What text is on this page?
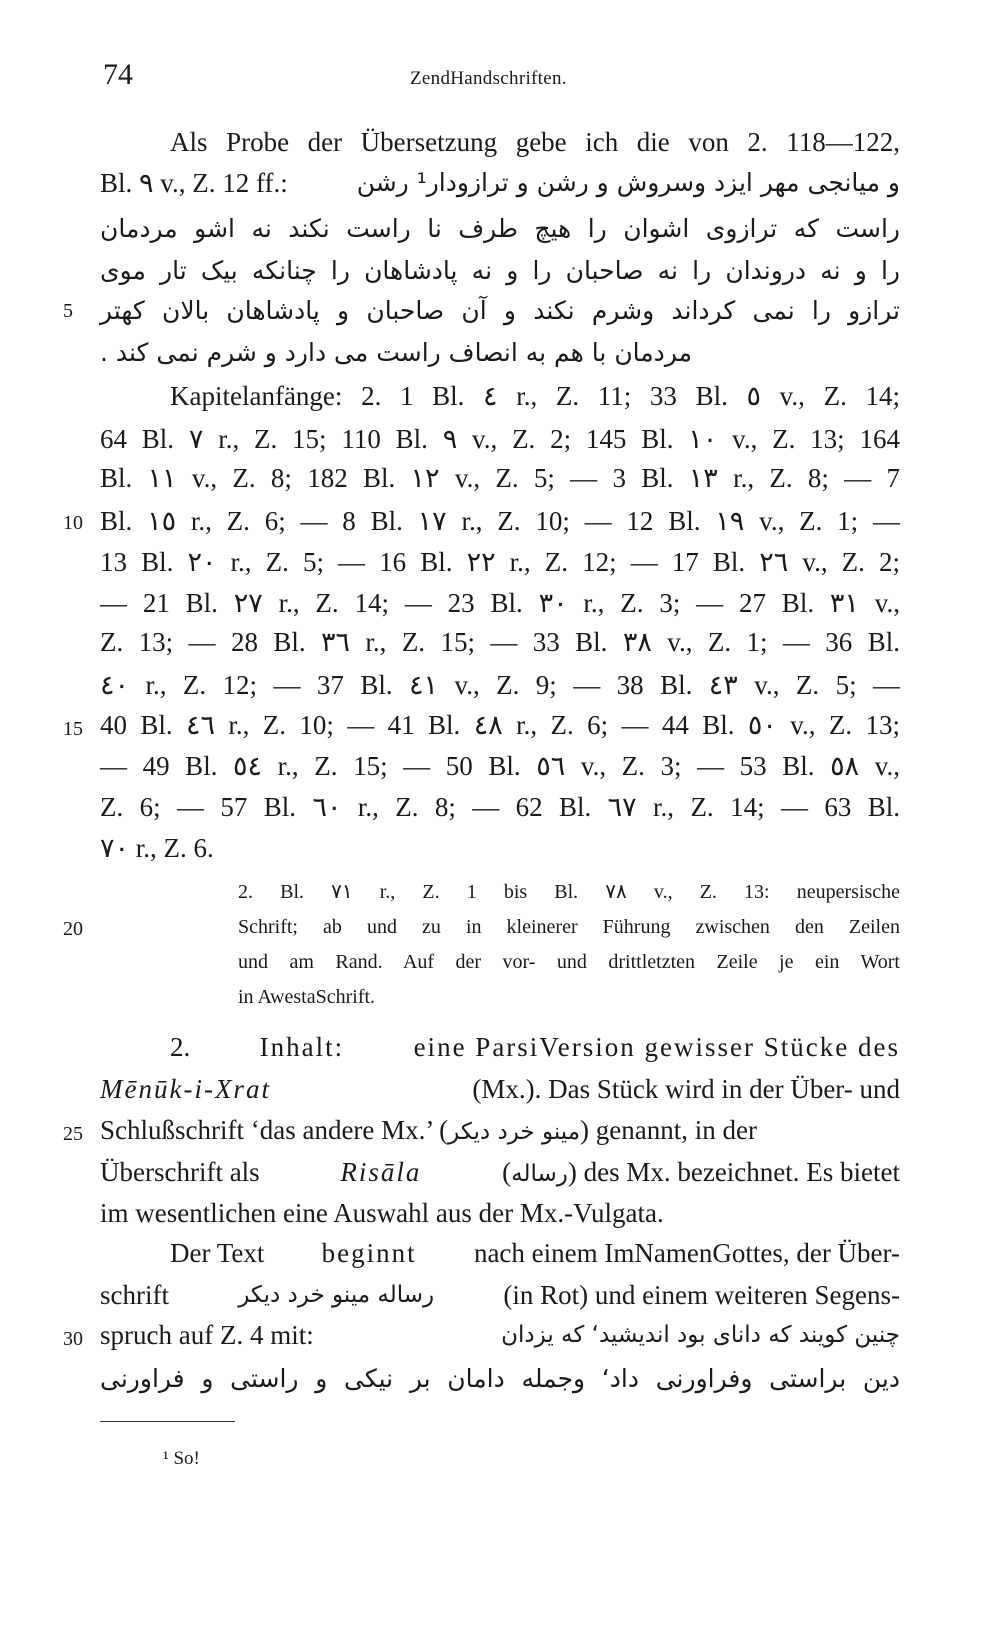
74	ZendHandschriften.
Als Probe der Übersetzung gebe ich die von 2. 118—122,
Bl. ٩ v., Z. 12 ff.:	و میانجی مهر ایزد وسروش و رشن و ترازودار¹ رشن
راست که ترازوی اشوان را هیچ طرف نا راست نکند نه اشو مردمان
را و نه دروندان را نه صاحبان را و نه پادشاهان را چنانکه بیک تار موی
5 ترازو را نمی کرداند وشرم نکند و آن صاحبان و پادشاهان بالان کهتر
مردمان با هم به انصاف راست می دارد و شرم نمی کند .
Kapitelanfänge: 2. 1 Bl. ٤ r., Z. 11; 33 Bl. ٥ v., Z. 14;
64 Bl. ٧ r., Z. 15; 110 Bl. ٩ v., Z. 2; 145 Bl. ١٠ v., Z. 13; 164
Bl. ١١ v., Z. 8; 182 Bl. ١٢ v., Z. 5; — 3 Bl. ١٣ r., Z. 8; — 7
10 Bl. ١٥ r., Z. 6; — 8 Bl. ١٧ r., Z. 10; — 12 Bl. ١٩ v., Z. 1; —
13 Bl. ٢٠ r., Z. 5; — 16 Bl. ٢٢ r., Z. 12; — 17 Bl. ٢٦ v., Z. 2;
— 21 Bl. ٢٧ r., Z. 14; — 23 Bl. ٣٠ r., Z. 3; — 27 Bl. ٣١ v.,
Z. 13; — 28 Bl. ٣٦ r., Z. 15; — 33 Bl. ٣٨ v., Z. 1; — 36 Bl.
٤٠ r., Z. 12; — 37 Bl. ٤١ v., Z. 9; — 38 Bl. ٤٣ v., Z. 5; —
15 40 Bl. ٤٦ r., Z. 10; — 41 Bl. ٤٨ r., Z. 6; — 44 Bl. ٥٠ v., Z. 13;
— 49 Bl. ٥٤ r., Z. 15; — 50 Bl. ٥٦ v., Z. 3; — 53 Bl. ٥٨ v.,
Z. 6; — 57 Bl. ٦٠ r., Z. 8; — 62 Bl. ٦٧ r., Z. 14; — 63 Bl.
٧٠ r., Z. 6.
2. Bl. ٧١ r., Z. 1 bis Bl. ٧٨ v., Z. 13: neupersische
20	Schrift; ab und zu in kleinerer Führung zwischen den Zeilen
und am Rand. Auf der vor- und drittletzten Zeile je ein Wort
in AwestaSchrift.
2.	Inhalt:	eine ParsiVersion gewisser Stücke des
Mēnūk-i-Xrat	(Mx.). Das Stück wird in der Über- und
25 Schlußschrift ‘das andere Mx.’ (مینو خرد دیکر) genannt, in der
Überschrift als	Risāla	(رساله) des Mx. bezeichnet. Es bietet
im wesentlichen eine Auswahl aus der Mx.-Vulgata.
Der Text beginnt nach einem ImNamenGottes, der Über-
schrift	رساله مینو خرد دیکر	(in Rot) und einem weiteren Segens-
30 spruch auf Z. 4 mit:	چنین کویند که دانای بود اندیشید‘ که یزدان
دین براستی وفراورنی داد‘ وجمله دامان بر نیکی و راستی و فراورنی
¹ So!
